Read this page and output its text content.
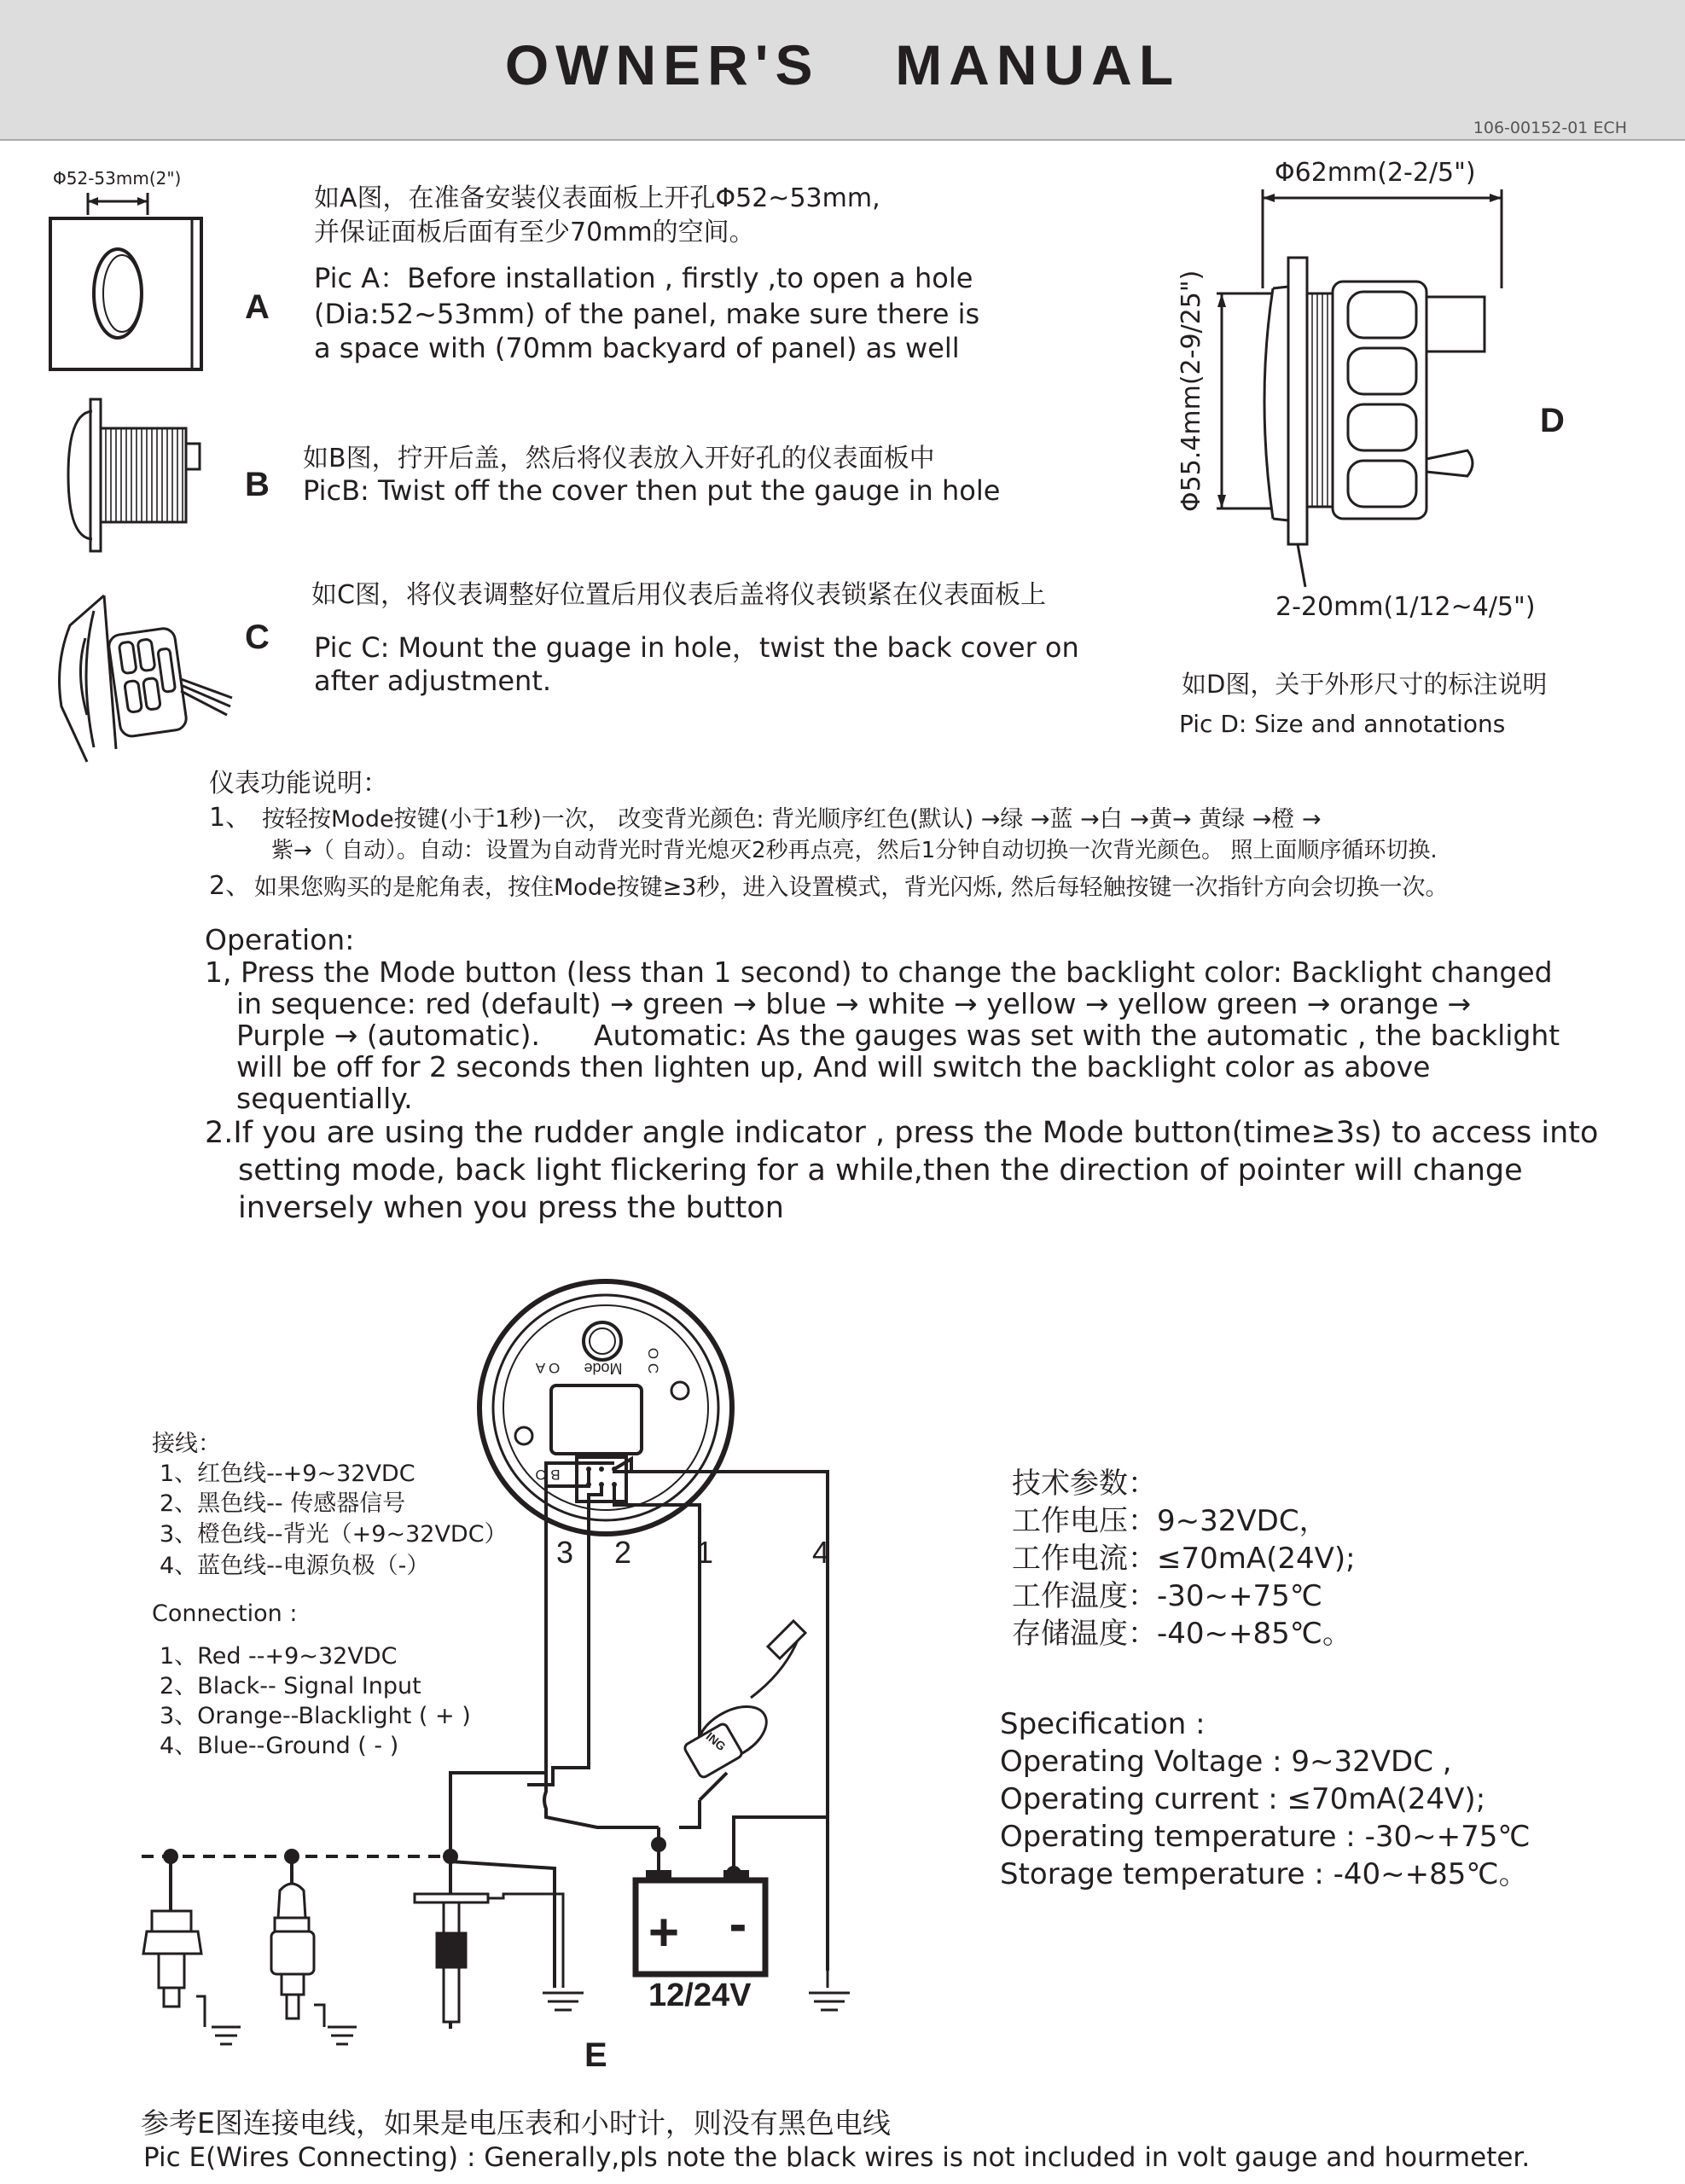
OWNER'S  MANUAL
106-00152-01 ECH
Φ52-53mm(2")
A
如A图，在准备安装仪表面板上开孔Φ52~53mm,
并保证面板后面有至少70mm的空间。
Pic A：Before installation , firstly ,to open a hole
(Dia:52~53mm) of the panel, make sure there is
a space with (70mm backyard of panel) as well
B
如B图，拧开后盖，然后将仪表放入开好孔的仪表面板中
PicB: Twist off the cover then put the gauge in hole
C
如C图，将仪表调整好位置后用仪表后盖将仪表锁紧在仪表面板上
Pic C: Mount the guage in hole，twist the back cover on
after adjustment.
Φ62mm(2-2/5")
Φ55.4mm(2-9/25")	D
2-20mm(1/12~4/5")
如D图，关于外形尺寸的标注说明
Pic D: Size and annotations
仪表功能说明：
1、 按轻按Mode按键(小于1秒)一次， 改变背光颜色: 背光顺序红色(默认) →绿 →蓝 →白 →黄→ 黄绿 →橙 →
紫→（ 自动）。自动：设置为自动背光时背光熄灭2秒再点亮，然后1分钟自动切换一次背光颜色。 照上面顺序循环切换.
2、 如果您购买的是舵角表，按住Mode按键≥3秒，进入设置模式，背光闪烁, 然后每轻触按键一次指针方向会切换一次。
Operation:
1, Press the Mode button (less than 1 second) to change the backlight color: Backlight changed
in sequence: red (default) → green → blue → white → yellow → yellow green → orange →
Purple → (automatic).      Automatic: As the gauges was set with the automatic , the backlight
will be off for 2 seconds then lighten up, And will switch the backlight color as above
sequentially.
2.If you are using the rudder angle indicator , press the Mode button(time≥3s) to access into
setting mode, back light flickering for a while,then the direction of pointer will change
inversely when you press the button
接线：
1、红色线--+9~32VDC
2、黑色线-- 传感器信号
3、橙色线--背光（+9~32VDC）
4、蓝色线--电源负极（-）
Connection :
1、Red --+9~32VDC
2、Black-- Signal Input
3、Orange--Blacklight ( + )
4、Blue--Ground ( - )
Mode
O A	O C
B O
+ -
ING
3 2 1	4
12/24V
E
技术参数：
工作电压：9~32VDC，
工作电流：≤70mA(24V);
工作温度：-30~+75℃
存储温度：-40~+85℃。
Specification :
Operating Voltage : 9~32VDC ,
Operating current : ≤70mA(24V);
Operating temperature : -30~+75℃
Storage temperature : -40~+85℃。
参考E图连接电线，如果是电压表和小时计，则没有黑色电线
Pic E(Wires Connecting) : Generally,pls note the black wires is not included in volt gauge and hourmeter.
